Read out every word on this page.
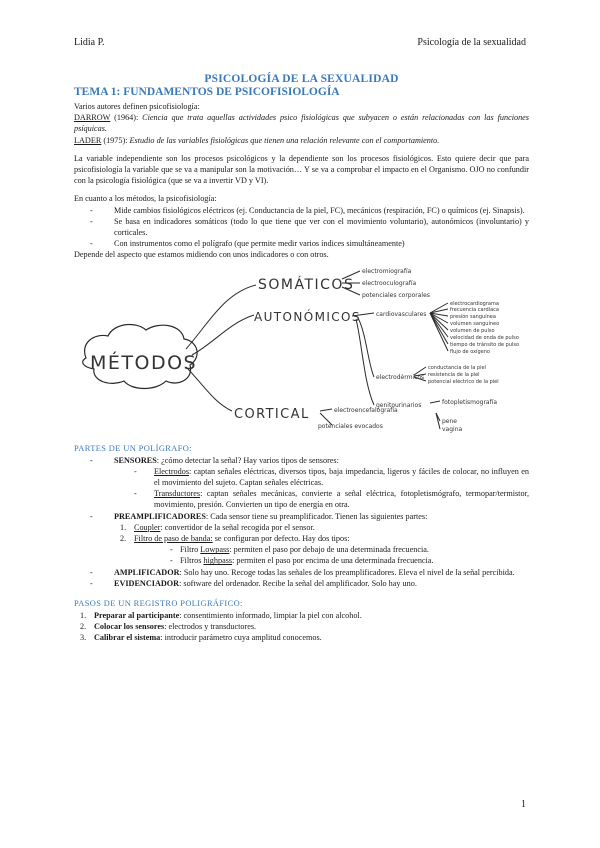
Lidia P.	Psicología de la sexualidad
PSICOLOGÍA DE LA SEXUALIDAD
TEMA 1: FUNDAMENTOS DE PSICOFISIOLOGÍA

Varios autores definen psicofisiología:

DARROW (1964): Ciencia que trata aquellas actividades psico fisiológicas que subyacen o están relacionadas con las funciones psíquicas.

LADER (1975): Estudio de las variables fisiológicas que tienen una relación relevante con el comportamiento.

La variable independiente son los procesos psicológicos y la dependiente son los procesos fisiológicos. Esto quiere decir que para psicofisiología la variable que se va a manipular son la motivación… Y se va a comprobar el impacto en el Organismo. OJO no confundir con la psicología fisiológica (que se va a invertir VD y VI).

En cuanto a los métodos, la psicofisiología:

- Mide cambios fisiológicos eléctricos (ej. Conductancia de la piel, FC), mecánicos (respiración, FC) o químicos (ej. Sinapsis).
- Se basa en indicadores somáticos (todo lo que tiene que ver con el movimiento voluntario), autonómicos (involuntario) y corticales.
- Con instrumentos como el polígrafo (que permite medir varios índices simultáneamente)

Depende del aspecto que estamos midiendo con unos indicadores o con otros.

MÉTODOS
SOMÁTICOS
electromiografía
electrooculografía
potenciales corporales
AUTONÓMICOS	cardiovasculares
electrocardiograma
frecuencia cardíaca
presión sanguínea
volumen sanguíneo
volumen de pulso
velocidad de onda de pulso
tiempo de tránsito de pulso
flujo de oxígeno
electrodérmicos
conductancia de la piel
resistencia de la piel
potencial eléctrico de la piel
genitourinarios	fotopletismografía
pene
vagina
CORTICAL	electroencefalografía
potenciales evocados
PARTES DE UN POLÍGRAFO:
- SENSORES: ¿cómo detectar la señal? Hay varios tipos de sensores:
- Electrodos: captan señales eléctricas, diversos tipos, baja impedancia, ligeros y fáciles de colocar, no influyen en el movimiento del sujeto. Captan señales eléctricas.
- Transductores: captan señales mecánicas, convierte a señal eléctrica, fotopletismógrafo, termopar/termistor, movimiento, presión. Convierten un tipo de energía en otra.
- PREAMPLIFICADORES: Cada sensor tiene su preamplificador. Tienen las siguientes partes:
1. Coupler: convertidor de la señal recogida por el sensor.
2. Filtro de paso de banda: se configuran por defecto. Hay dos tipos:
- Filtro Lowpass: permiten el paso por debajo de una determinada frecuencia.
- Filtros highpass: permiten el paso por encima de una determinada frecuencia.
- AMPLIFICADOR: Solo hay uno. Recoge todas las señales de los preamplificadores. Eleva el nivel de la señal percibida.
- EVIDENCIADOR: software del ordenador. Recibe la señal del amplificador. Solo hay uno.
PASOS DE UN REGISTRO POLIGRÁFICO:
1. Preparar al participante: consentimiento informado, limpiar la piel con alcohol.
2. Colocar los sensores: electrodos y transductores.
3. Calibrar el sistema: introducir parámetro cuya amplitud conocemos.
1
